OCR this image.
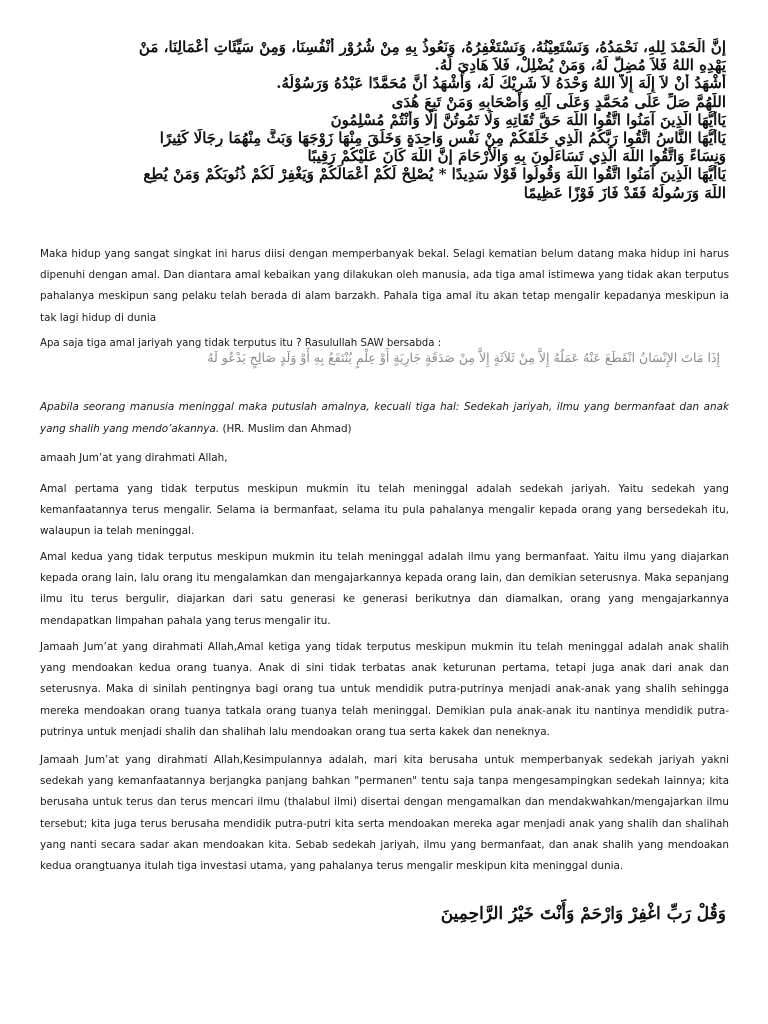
إِنَّ الْحَمْدَ لِلهِ، نَحْمَدُهُ، وَنَسْتَعِيْنُهُ، وَنَسْتَغْفِرُهُ، وَنَعُوذُ بِهِ مِنْ شُرُوْرِ أَنْفُسِنَا، وَمِنْ سَيِّئَاتِ أَعْمَالِنَا، مَنْ
يَهْدِهِ اللهُ فَلاَ مُضِلَّ لَهُ، وَمَنْ يُضْلِلْ، فَلاَ هَادِيَ لَهُ.
أَشْهَدُ أَنْ لاَ إِلَهَ إِلاَّ اللهُ وَحْدَهُ لاَ شَرِيْكَ لَهُ، وَأَشْهَدُ أَنَّ مُحَمَّدًا عَبْدُهُ وَرَسُوْلُهُ.
اللَّهُمَّ صَلِّ عَلَى مُحَمَّدٍ وَعَلَى آلِهِ وَأَصْحَابِهِ وَمَنْ تَبِعَ هُدَى
يَاأَيُّهَا الَّذِينَ آمَنُوا اتَّقُوا اللَّهَ حَقَّ تُقَاتِهِ وَلَا تَمُوتُنَّ إِلَّا وَأَنْتُمْ مُسْلِمُونَ
يَاأَيُّهَا النَّاسُ اتَّقُوا رَبَّكُمُ الَّذِي خَلَقَكُمْ مِنْ نَفْسٍ وَاحِدَةٍ وَخَلَقَ مِنْهَا زَوْجَهَا وَبَثَّ مِنْهُمَا رِجَالًا كَثِيرًا
وَنِسَاءً وَاتَّقُوا اللَّهَ الَّذِي تَسَاءَلُونَ بِهِ وَالْأَرْحَامَ إِنَّ اللَّهَ كَانَ عَلَيْكُمْ رَقِيبًا
يَاأَيُّهَا الَّذِينَ آمَنُوا اتَّقُوا اللَّهَ وَقُولُوا قَوْلًا سَدِيدًا * يُصْلِحْ لَكُمْ أَعْمَالَكُمْ وَيَغْفِرْ لَكُمْ ذُنُوبَكُمْ وَمَنْ يُطِعِ
اللَّهَ وَرَسُولَهُ فَقَدْ فَازَ فَوْزًا عَظِيمًا

Maka hidup yang sangat singkat ini harus diisi dengan memperbanyak bekal. Selagi kematian belum datang maka hidup ini harus dipenuhi dengan amal. Dan diantara amal kebaikan yang dilakukan oleh manusia, ada tiga amal istimewa yang tidak akan terputus pahalanya meskipun sang pelaku telah berada di alam barzakh. Pahala tiga amal itu akan tetap mengalir kepadanya meskipun ia tak lagi hidup di dunia

Apa saja tiga amal jariyah yang tidak terputus itu ? Rasulullah SAW bersabda :

إِذَا مَاتَ الإِنْسَانُ انْقَطَعَ عَنْهُ عَمَلُهُ إِلاَّ مِنْ ثَلاَثَةٍ إِلاَّ مِنْ صَدَقَةٍ جَارِيَةٍ أَوْ عِلْمٍ يُنْتَفَعُ بِهِ أَوْ وَلَدٍ صَالِحٍ يَدْعُو لَهُ

Apabila seorang manusia meninggal maka putuslah amalnya, kecuali tiga hal: Sedekah jariyah, ilmu yang bermanfaat dan anak yang shalih yang mendo’akannya. (HR. Muslim dan Ahmad)

amaah Jum’at yang dirahmati Allah,

Amal pertama yang tidak terputus meskipun mukmin itu telah meninggal adalah sedekah jariyah. Yaitu sedekah yang kemanfaatannya terus mengalir. Selama ia bermanfaat, selama itu pula pahalanya mengalir kepada orang yang bersedekah itu, walaupun ia telah meninggal.

Amal kedua yang tidak terputus meskipun mukmin itu telah meninggal adalah ilmu yang bermanfaat. Yaitu ilmu yang diajarkan kepada orang lain, lalu orang itu mengalamkan dan mengajarkannya kepada orang lain, dan demikian seterusnya. Maka sepanjang ilmu itu terus bergulir, diajarkan dari satu generasi ke generasi berikutnya dan diamalkan, orang yang mengajarkannya mendapatkan limpahan pahala yang terus mengalir itu.

Jamaah Jum’at yang dirahmati Allah,Amal ketiga yang tidak terputus meskipun mukmin itu telah meninggal adalah anak shalih yang mendoakan kedua orang tuanya. Anak di sini tidak terbatas anak keturunan pertama, tetapi juga anak dari anak dan seterusnya. Maka di sinilah pentingnya bagi orang tua untuk mendidik putra-putrinya menjadi anak-anak yang shalih sehingga mereka mendoakan orang tuanya tatkala orang tuanya telah meninggal. Demikian pula anak-anak itu nantinya mendidik putra-putrinya untuk menjadi shalih dan shalihah lalu mendoakan orang tua serta kakek dan neneknya.

Jamaah Jum’at yang dirahmati Allah,Kesimpulannya adalah, mari kita berusaha untuk memperbanyak sedekah jariyah yakni sedekah yang kemanfaatannya berjangka panjang bahkan "permanen" tentu saja tanpa mengesampingkan sedekah lainnya; kita berusaha untuk terus dan terus mencari ilmu (thalabul ilmi) disertai dengan mengamalkan dan mendakwahkan/mengajarkan ilmu tersebut; kita juga terus berusaha mendidik putra-putri kita serta mendoakan mereka agar menjadi anak yang shalih dan shalihah yang nanti secara sadar akan mendoakan kita. Sebab sedekah jariyah, ilmu yang bermanfaat, dan anak shalih yang mendoakan kedua orangtuanya itulah tiga investasi utama, yang pahalanya terus mengalir meskipun kita meninggal dunia.

وَقُلْ رَبِّ اغْفِرْ وَارْحَمْ وَأَنْتَ خَيْرُ الرَّاحِمِينَ
